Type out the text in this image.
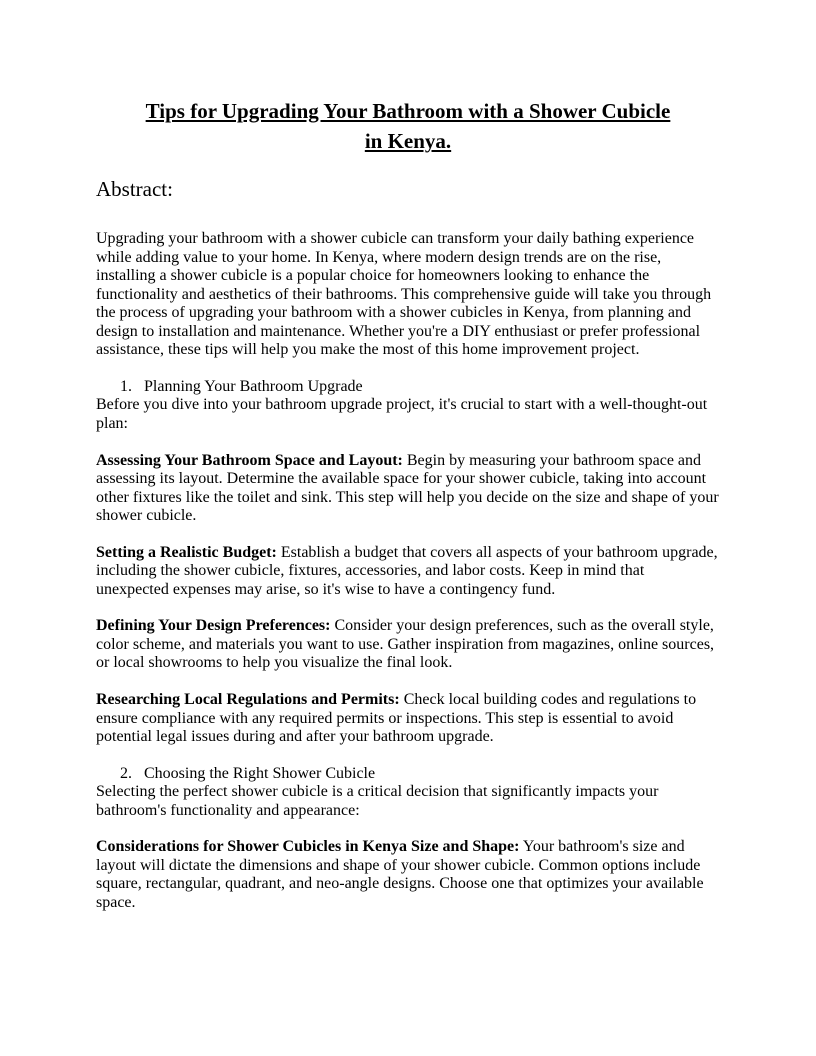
Tips for Upgrading Your Bathroom with a Shower Cubicle
in Kenya.
Abstract:

Upgrading your bathroom with a shower cubicle can transform your daily bathing experience while adding value to your home. In Kenya, where modern design trends are on the rise, installing a shower cubicle is a popular choice for homeowners looking to enhance the functionality and aesthetics of their bathrooms. This comprehensive guide will take you through the process of upgrading your bathroom with a shower cubicles in Kenya, from planning and design to installation and maintenance. Whether you're a DIY enthusiast or prefer professional assistance, these tips will help you make the most of this home improvement project.

1. Planning Your Bathroom Upgrade

Before you dive into your bathroom upgrade project, it's crucial to start with a well-thought-out plan:

Assessing Your Bathroom Space and Layout: Begin by measuring your bathroom space and assessing its layout. Determine the available space for your shower cubicle, taking into account other fixtures like the toilet and sink. This step will help you decide on the size and shape of your shower cubicle.

Setting a Realistic Budget: Establish a budget that covers all aspects of your bathroom upgrade, including the shower cubicle, fixtures, accessories, and labor costs. Keep in mind that unexpected expenses may arise, so it's wise to have a contingency fund.

Defining Your Design Preferences: Consider your design preferences, such as the overall style, color scheme, and materials you want to use. Gather inspiration from magazines, online sources, or local showrooms to help you visualize the final look.

Researching Local Regulations and Permits: Check local building codes and regulations to ensure compliance with any required permits or inspections. This step is essential to avoid potential legal issues during and after your bathroom upgrade.

2. Choosing the Right Shower Cubicle

Selecting the perfect shower cubicle is a critical decision that significantly impacts your bathroom's functionality and appearance:

Considerations for Shower Cubicles in Kenya Size and Shape: Your bathroom's size and layout will dictate the dimensions and shape of your shower cubicle. Common options include square, rectangular, quadrant, and neo-angle designs. Choose one that optimizes your available space.
